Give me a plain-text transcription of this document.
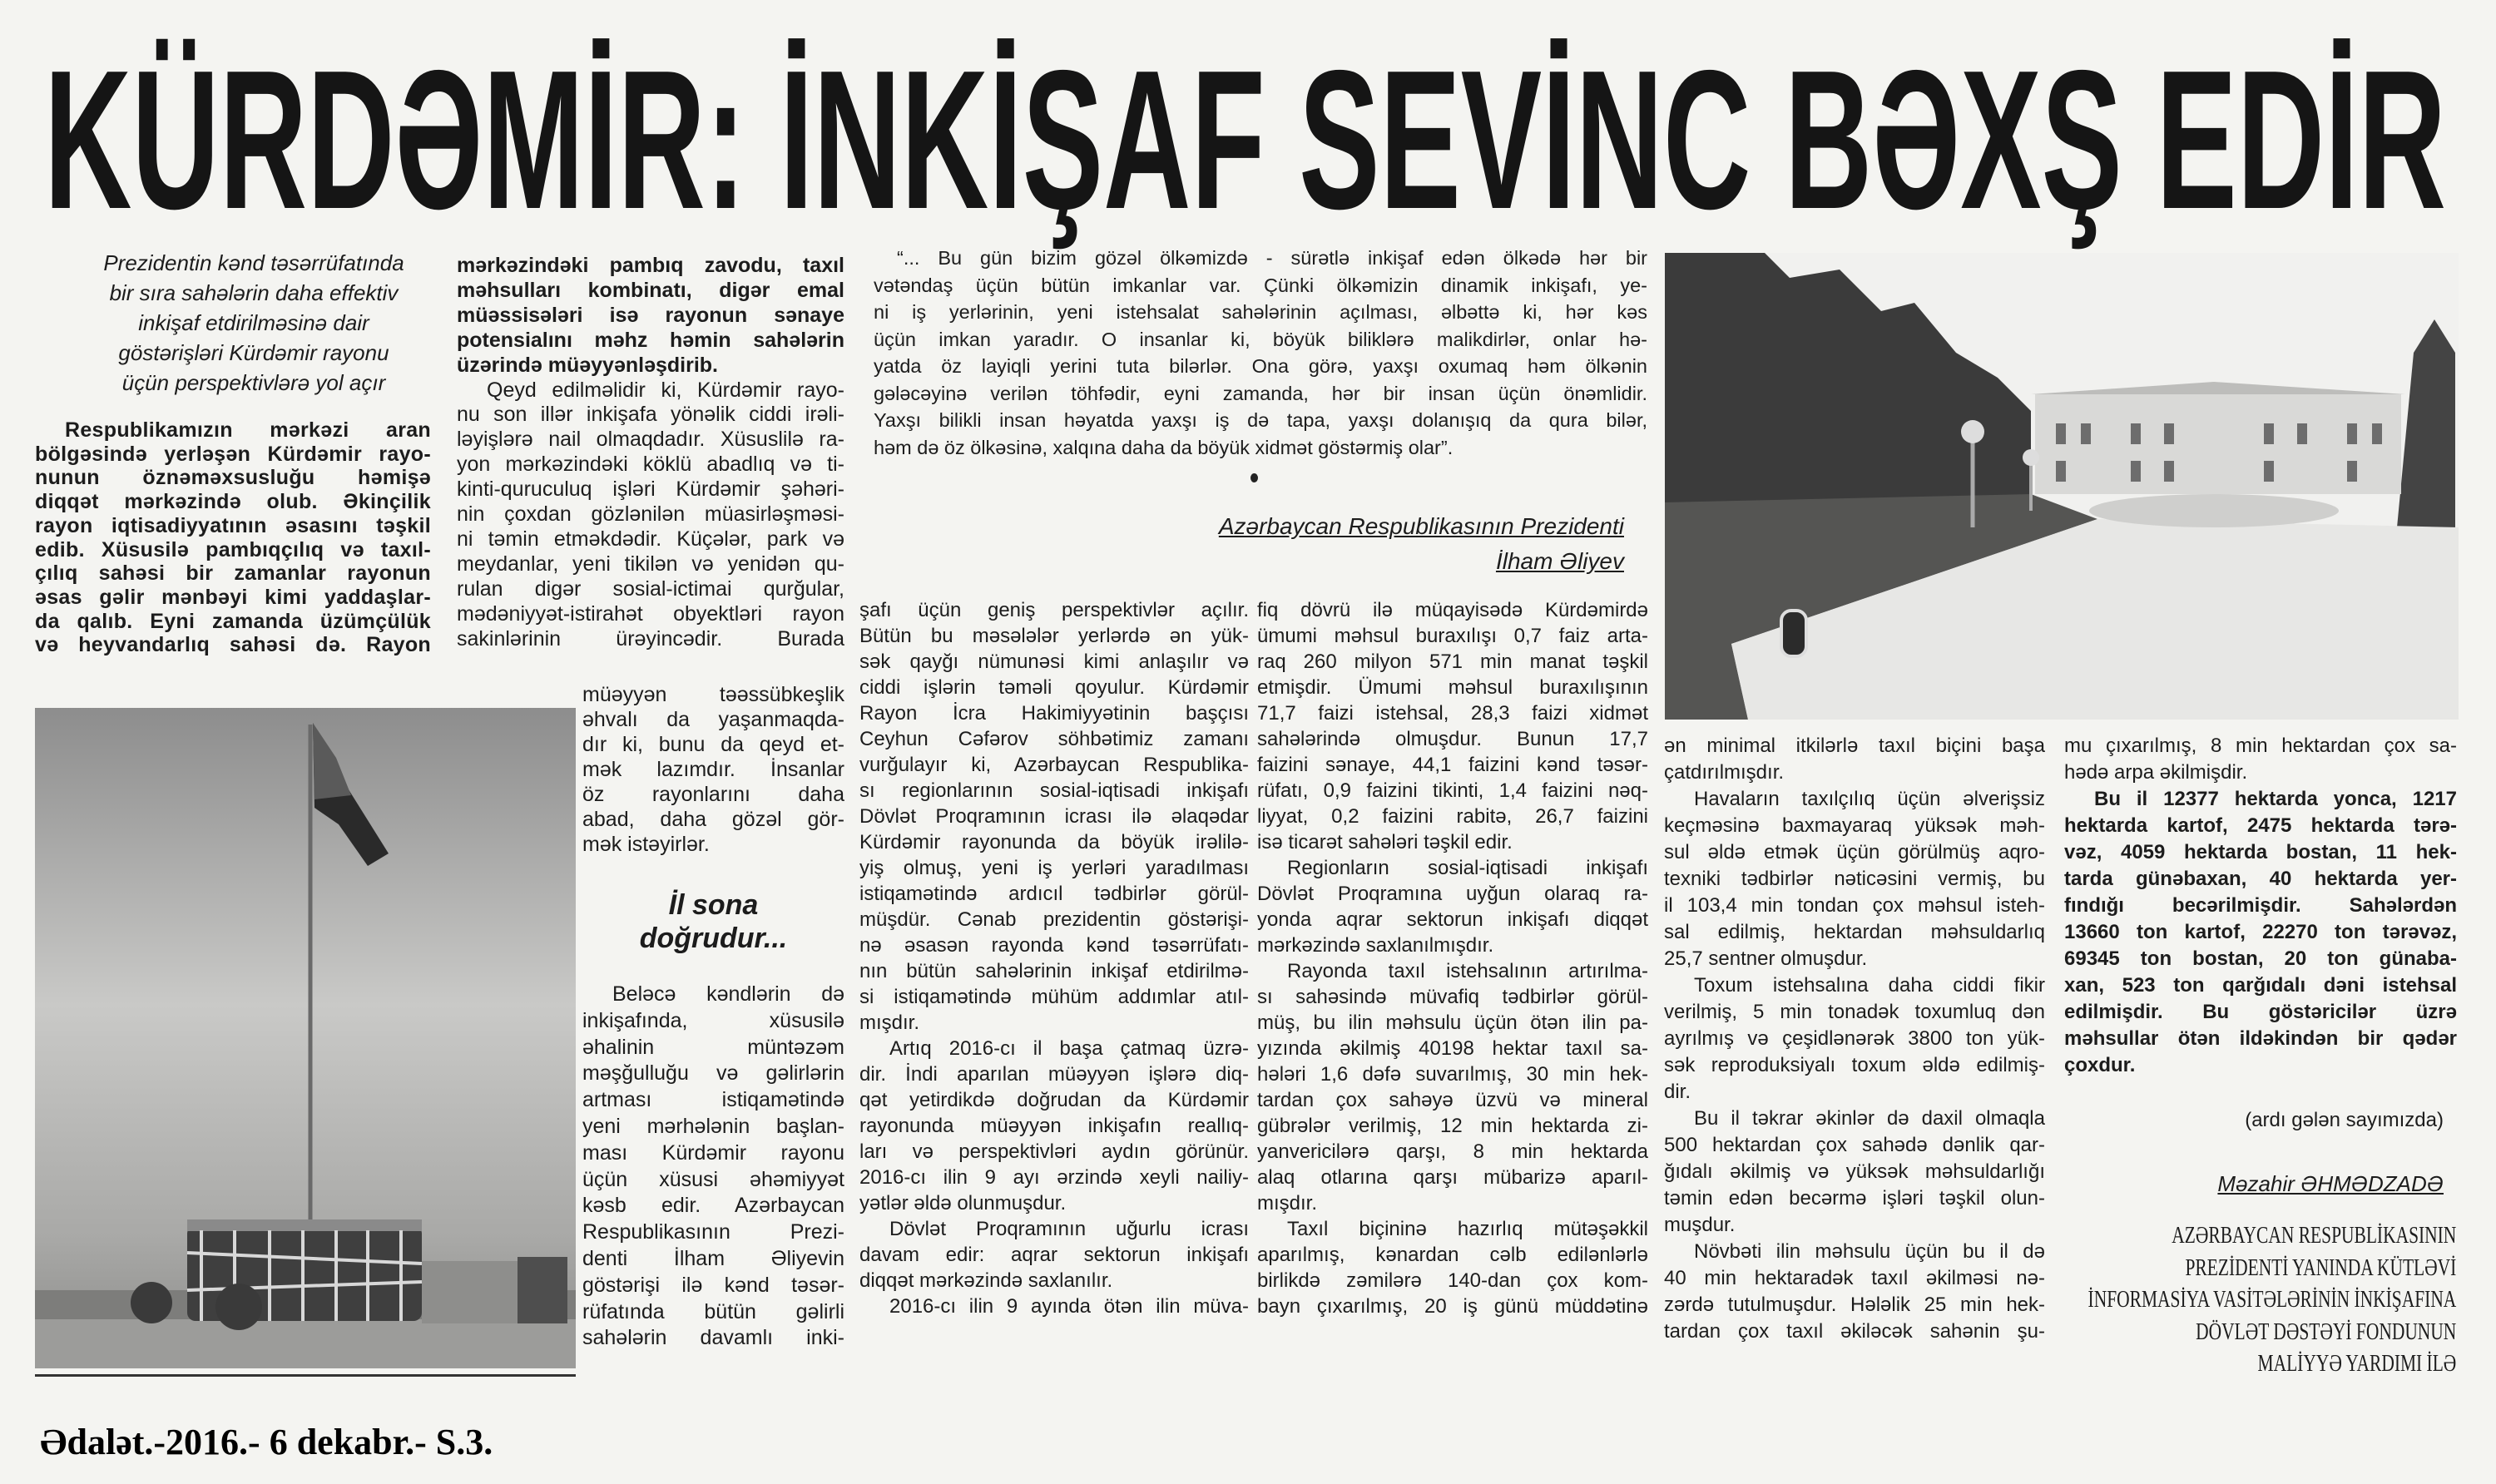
KÜRDƏMİR: İNKİŞAF SEVİNC BƏXŞ EDİR
Prezidentin kənd təsərrüfatında
bir sıra sahələrin daha effektiv
inkişaf etdirilməsinə dair
göstərişləri Kürdəmir rayonu
üçün perspektivlərə yol açır
Respublikamızın mərkəzi aran
bölgəsində yerləşən Kürdəmir rayo-
nunun öznəməxsusluğu həmişə
diqqət mərkəzində olub. Əkinçilik
rayon iqtisadiyyatının əsasını təşkil
edib. Xüsusilə pambıqçılıq və taxıl-
çılıq sahəsi bir zamanlar rayonun
əsas gəlir mənbəyi kimi yaddaşlar-
da qalıb. Eyni zamanda üzümçülük
və heyvandarlıq sahəsi də. Rayon
mərkəzindəki pambıq zavodu, taxıl
məhsulları kombinatı, digər emal
müəssisələri isə rayonun sənaye
potensialını məhz həmin sahələrin
üzərində müəyyənləşdirib.
Qeyd edilməlidir ki, Kürdəmir rayo-
nu son illər inkişafa yönəlik ciddi irəli-
ləyişlərə nail olmaqdadır. Xüsuslilə ra-
yon mərkəzindəki köklü abadlıq və ti-
kinti-quruculuq işləri Kürdəmir şəhəri-
nin çoxdan gözlənilən müasirləşməsi-
ni təmin etməkdədir. Küçələr, park və
meydanlar, yeni tikilən və yenidən qu-
rulan digər sosial-ictimai qurğular,
mədəniyyət-istirahət obyektləri rayon
sakinlərinin ürəyincədir. Burada
müəyyən təəssübkeşlik
əhvalı da yaşanmaqda-
dır ki, bunu da qeyd et-
mək lazımdır. İnsanlar
öz rayonlarını daha
abad, daha gözəl gör-
mək istəyirlər.
İl sona
doğrudur...
Beləcə kəndlərin də
inkişafında, xüsusilə
əhalinin müntəzəm
məşğulluğu və gəlirlərin
artması istiqamətində
yeni mərhələnin başlan-
ması Kürdəmir rayonu
üçün xüsusi əhəmiyyət
kəsb edir. Azərbaycan
Respublikasının Prezi-
denti İlham Əliyevin
göstərişi ilə kənd təsər-
rüfatında bütün gəlirli
sahələrin davamlı inki-
“... Bu gün bizim gözəl ölkəmizdə - sürətlə inkişaf edən ölkədə hər bir
vətəndaş üçün bütün imkanlar var. Çünki ölkəmizin dinamik inkişafı, ye-
ni iş yerlərinin, yeni istehsalat sahələrinin açılması, əlbəttə ki, hər kəs
üçün imkan yaradır. O insanlar ki, böyük biliklərə malikdirlər, onlar hə-
yatda öz layiqli yerini tuta bilərlər. Ona görə, yaxşı oxumaq həm ölkənin
gələcəyinə verilən töhfədir, eyni zamanda, hər bir insan üçün önəmlidir.
Yaxşı bilikli insan həyatda yaxşı iş də tapa, yaxşı dolanışıq da qura bilər,
həm də öz ölkəsinə, xalqına daha da böyük xidmət göstərmiş olar”.
Azərbaycan Respublikasının Prezidenti
İlham Əliyev
şafı üçün geniş perspektivlər açılır.
Bütün bu məsələlər yerlərdə ən yük-
sək qayğı nümunəsi kimi anlaşılır və
ciddi işlərin təməli qoyulur. Kürdəmir
Rayon İcra Hakimiyyətinin başçısı
Ceyhun Cəfərov söhbətimiz zamanı
vurğulayır ki, Azərbaycan Respublika-
sı regionlarının sosial-iqtisadi inkişafı
Dövlət Proqramının icrası ilə əlaqədar
Kürdəmir rayonunda da böyük irəlilə-
yiş olmuş, yeni iş yerləri yaradılması
istiqamətində ardıcıl tədbirlər görül-
müşdür. Cənab prezidentin göstərişi-
nə əsasən rayonda kənd təsərrüfatı-
nın bütün sahələrinin inkişaf etdirilmə-
si istiqamətində mühüm addımlar atıl-
mışdır.
Artıq 2016-cı il başa çatmaq üzrə-
dir. İndi aparılan müəyyən işlərə diq-
qət yetirdikdə doğrudan da Kürdəmir
rayonunda müəyyən inkişafın reallıq-
ları və perspektivləri aydın görünür.
2016-cı ilin 9 ayı ərzində xeyli nailiy-
yətlər əldə olunmuşdur.
Dövlət Proqramının uğurlu icrası
davam edir: aqrar sektorun inkişafı
diqqət mərkəzində saxlanılır.
2016-cı ilin 9 ayında ötən ilin müva-
fiq dövrü ilə müqayisədə Kürdəmirdə
ümumi məhsul buraxılışı 0,7 faiz arta-
raq 260 milyon 571 min manat təşkil
etmişdir. Ümumi məhsul buraxılışının
71,7 faizi istehsal, 28,3 faizi xidmət
sahələrində olmuşdur. Bunun 17,7
faizini sənaye, 44,1 faizini kənd təsər-
rüfatı, 0,9 faizini tikinti, 1,4 faizini nəq-
liyyat, 0,2 faizini rabitə, 26,7 faizini
isə ticarət sahələri təşkil edir.
Regionların sosial-iqtisadi inkişafı
Dövlət Proqramına uyğun olaraq ra-
yonda aqrar sektorun inkişafı diqqət
mərkəzində saxlanılmışdır.
Rayonda taxıl istehsalının artırılma-
sı sahəsində müvafiq tədbirlər görül-
müş, bu ilin məhsulu üçün ötən ilin pa-
yızında əkilmiş 40198 hektar taxıl sa-
hələri 1,6 dəfə suvarılmış, 30 min hek-
tardan çox sahəyə üzvü və mineral
gübrələr verilmiş, 12 min hektarda zi-
yanvericilərə qarşı, 8 min hektarda
alaq otlarına qarşı mübarizə aparıl-
mışdır.
Taxıl biçininə hazırlıq mütəşəkkil
aparılmış, kənardan cəlb edilənlərlə
birlikdə zəmilərə 140-dan çox kom-
bayn çıxarılmış, 20 iş günü müddətinə
ən minimal itkilərlə taxıl biçini başa
çatdırılmışdır.
Havaların taxılçılıq üçün əlverişsiz
keçməsinə baxmayaraq yüksək məh-
sul əldə etmək üçün görülmüş aqro-
texniki tədbirlər nəticəsini vermiş, bu
il 103,4 min tondan çox məhsul isteh-
sal edilmiş, hektardan məhsuldarlıq
25,7 sentner olmuşdur.
Toxum istehsalına daha ciddi fikir
verilmiş, 5 min tonadək toxumluq dən
ayrılmış və çeşidlənərək 3800 ton yük-
sək reproduksiyalı toxum əldə edilmiş-
dir.
Bu il təkrar əkinlər də daxil olmaqla
500 hektardan çox sahədə dənlik qar-
ğıdalı əkilmiş və yüksək məhsuldarlığı
təmin edən becərmə işləri təşkil olun-
muşdur.
Növbəti ilin məhsulu üçün bu il də
40 min hektaradək taxıl əkilməsi nə-
zərdə tutulmuşdur. Hələlik 25 min hek-
tardan çox taxıl əkiləcək sahənin şu-
mu çıxarılmış, 8 min hektardan çox sa-
hədə arpa əkilmişdir.
Bu il 12377 hektarda yonca, 1217
hektarda kartof, 2475 hektarda tərə-
vəz, 4059 hektarda bostan, 11 hek-
tarda günəbaxan, 40 hektarda yer-
fındığı becərilmişdir. Sahələrdən
13660 ton kartof, 22270 ton tərəvəz,
69345 ton bostan, 20 ton günaba-
xan, 523 ton qarğıdalı dəni istehsal
edilmişdir. Bu göstəricilər üzrə
məhsullar ötən ildəkindən bir qədər
çoxdur.
(ardı gələn sayımızda)
Məzahir ƏHMƏDZADƏ
AZƏRBAYCAN RESPUBLİKASININ
PREZİDENTİ YANINDA KÜTLƏVİ
İNFORMASİYA VASİTƏLƏRİNİN İNKİŞAFINA
DÖVLƏT DƏSTƏYİ FONDUNUN
MALİYYƏ YARDIMI İLƏ
Ədalət.-2016.- 6 dekabr.- S.3.
